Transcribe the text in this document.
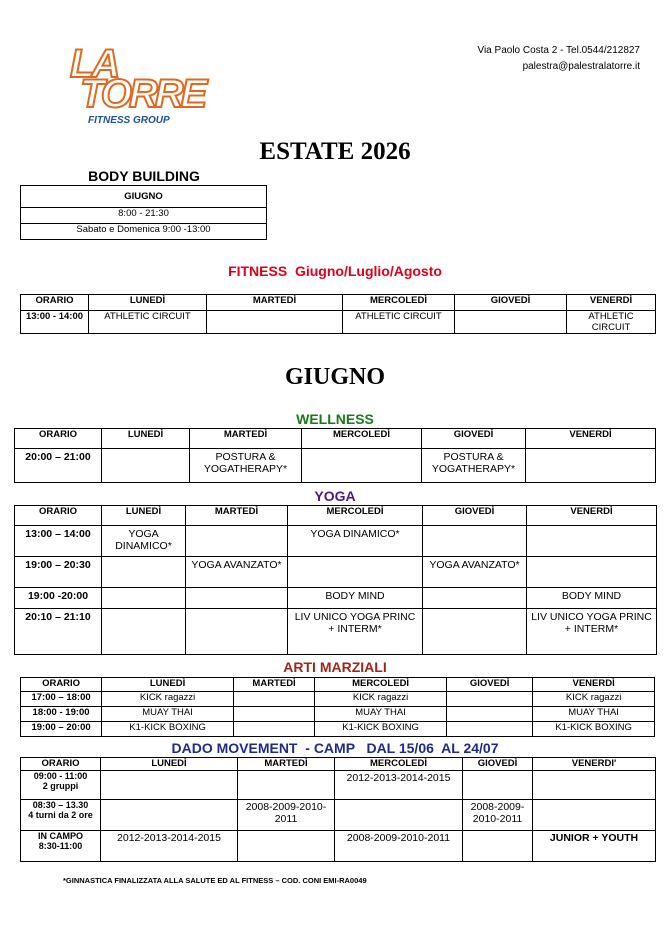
LA
TORRE
FITNESS GROUP
Via Paolo Costa 2 - Tel.0544/212827
palestra@palestralatorre.it
ESTATE 2026
BODY BUILDING
GIUGNO
8:00 - 21:30
Sabato e Domenica 9:00 -13:00
FITNESS  Giugno/Luglio/Agosto
ORARIO	LUNEDÌ	MARTEDÌ	MERCOLEDÌ	GIOVEDÌ	VENERDÌ
13:00 - 14:00	ATHLETIC CIRCUIT		ATHLETIC CIRCUIT		ATHLETIC CIRCUIT
GIUGNO
WELLNESS
ORARIO	LUNEDÌ	MARTEDÌ	MERCOLEDÌ	GIOVEDÌ	VENERDÌ
20:00 – 21:00		POSTURA & YOGATHERAPY*		POSTURA & YOGATHERAPY*	
YOGA
ORARIO	LUNEDÌ	MARTEDÌ	MERCOLEDÌ	GIOVEDÌ	VENERDÌ
13:00 – 14:00	YOGA DINAMICO*		YOGA DINAMICO*		
19:00 – 20:30		YOGA AVANZATO*		YOGA AVANZATO*	
19:00 -20:00			BODY MIND		BODY MIND
20:10 – 21:10			LIV UNICO YOGA PRINC + INTERM*		LIV UNICO YOGA PRINC + INTERM*
ARTI MARZIALI
ORARIO	LUNEDÌ	MARTEDÌ	MERCOLEDÌ	GIOVEDÌ	VENERDÌ
17:00 – 18:00	KICK ragazzi		KICK ragazzi		KICK ragazzi
18:00 - 19:00	MUAY THAI		MUAY THAI		MUAY THAI
19:00 – 20:00	K1-KICK BOXING		K1-KICK BOXING		K1-KICK BOXING
DADO MOVEMENT  - CAMP   DAL 15/06  AL 24/07
ORARIO	LUNEDÌ	MARTEDÌ	MERCOLEDÌ	GIOVEDÌ	VENERDI'

09:00 - 11:00
2 gruppi			2012-2013-2014-2015		

08:30 – 13.30
4 turni da 2 ore		2008-2009-2010-2011		2008-2009-2010-2011	

IN CAMPO
8:30-11:00	2012-2013-2014-2015		2008-2009-2010-2011		JUNIOR + YOUTH
*GINNASTICA FINALIZZATA ALLA SALUTE ED AL FITNESS – COD. CONI EMI-RA0049
